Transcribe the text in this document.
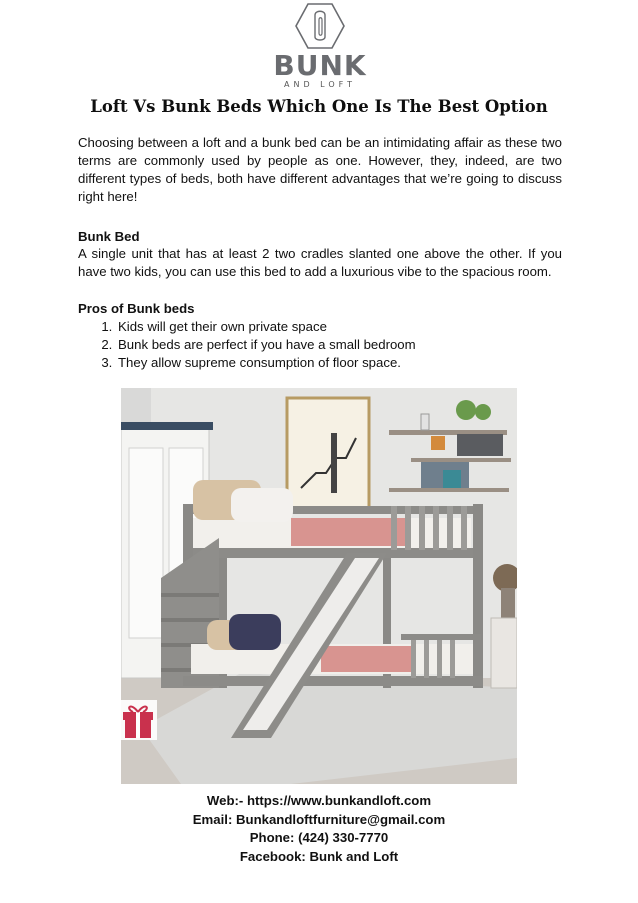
BUNK
AND LOFT
Loft Vs Bunk Beds Which One Is The Best Option
Choosing between a loft and a bunk bed can be an intimidating affair as these two terms are commonly used by people as one. However, they, indeed, are two different types of beds, both have different advantages that we’re going to discuss right here!
Bunk Bed
A single unit that has at least 2 two cradles slanted one above the other. If you have two kids, you can use this bed to add a luxurious vibe to the spacious room.
Pros of Bunk beds
1. Kids will get their own private space
2. Bunk beds are perfect if you have a small bedroom
3. They allow supreme consumption of floor space.
Web:- https://www.bunkandloft.com
Email: Bunkandloftfurniture@gmail.com
Phone: (424) 330-7770
Facebook: Bunk and Loft
